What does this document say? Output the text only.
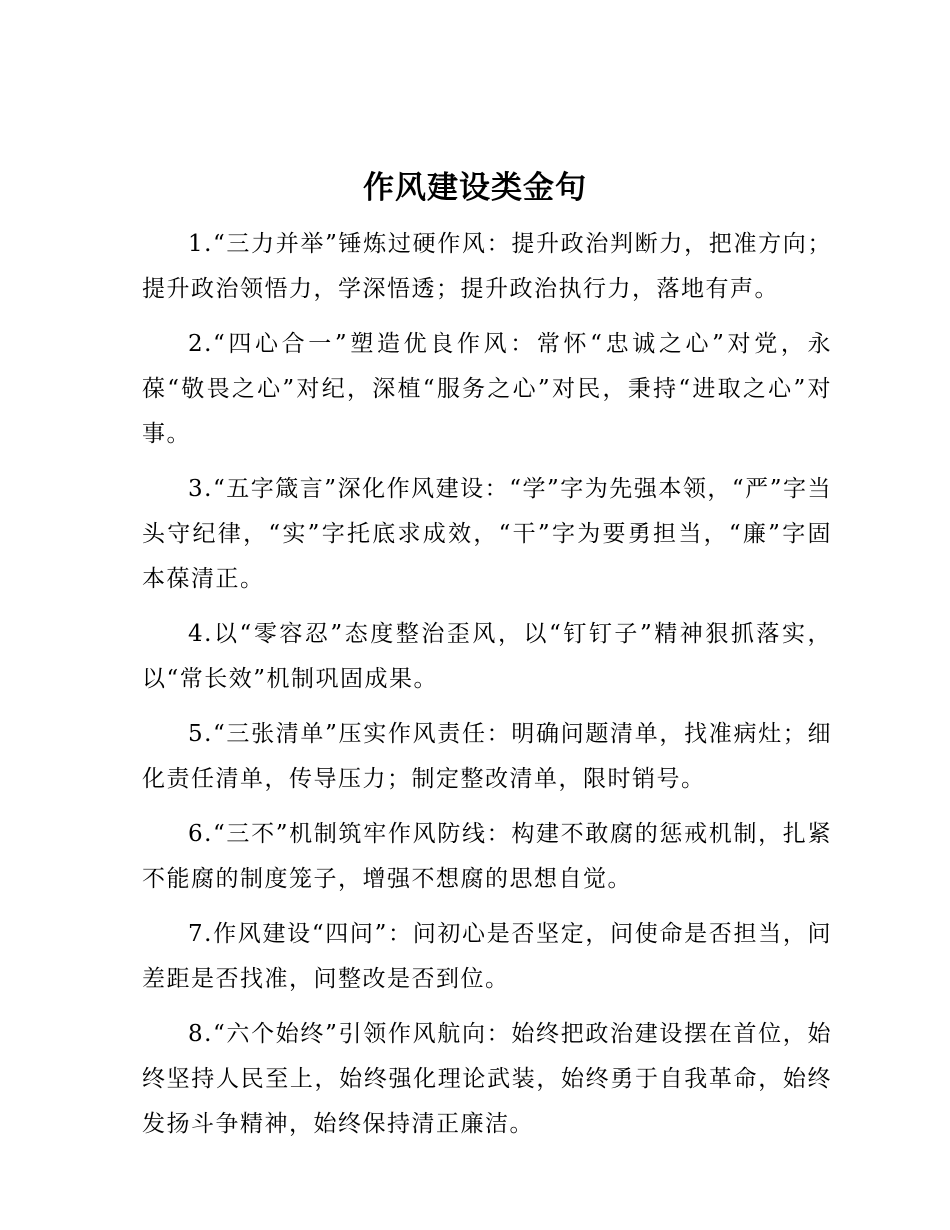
作风建设类金句

1.“三力并举”锤炼过硬作风：提升政治判断力，把准方向；提升政治领悟力，学深悟透；提升政治执行力，落地有声。

2.“四心合一”塑造优良作风：常怀“忠诚之心”对党，永葆“敬畏之心”对纪，深植“服务之心”对民，秉持“进取之心”对事。

3.“五字箴言”深化作风建设：“学”字为先强本领，“严”字当头守纪律，“实”字托底求成效，“干”字为要勇担当，“廉”字固本葆清正。

4.以“零容忍”态度整治歪风，以“钉钉子”精神狠抓落实，以“常长效”机制巩固成果。

5.“三张清单”压实作风责任：明确问题清单，找准病灶；细化责任清单，传导压力；制定整改清单，限时销号。

6.“三不”机制筑牢作风防线：构建不敢腐的惩戒机制，扎紧不能腐的制度笼子，增强不想腐的思想自觉。

7.作风建设“四问”：问初心是否坚定，问使命是否担当，问差距是否找准，问整改是否到位。

8.“六个始终”引领作风航向：始终把政治建设摆在首位，始终坚持人民至上，始终强化理论武装，始终勇于自我革命，始终发扬斗争精神，始终保持清正廉洁。
